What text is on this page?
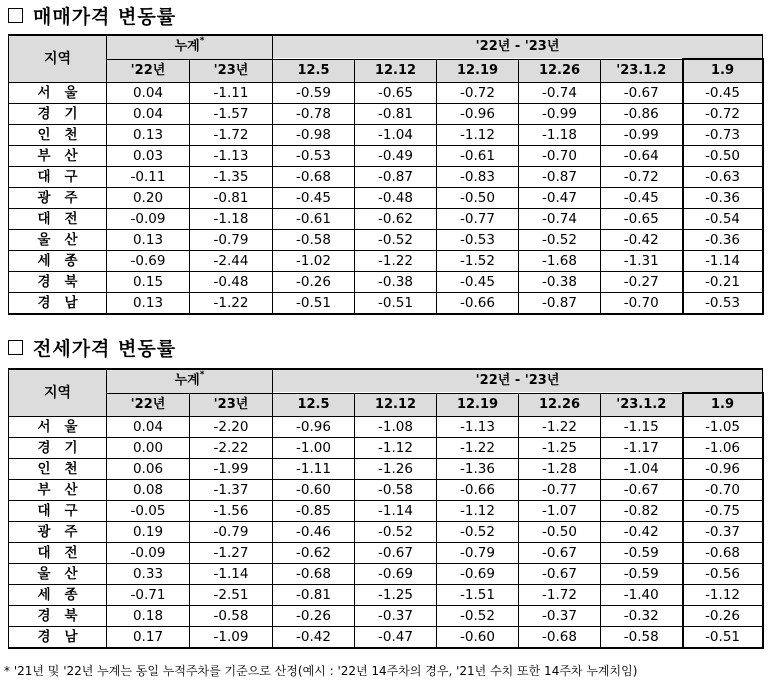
매매가격 변동률
지역	누계*		'22년 - '23년					
	'22년	'23년	12.5	12.12	12.19	12.26	'23.1.2	1.9
서울	0.04	-1.11	-0.59	-0.65	-0.72	-0.74	-0.67	-0.45
경기	0.04	-1.57	-0.78	-0.81	-0.96	-0.99	-0.86	-0.72
인천	0.13	-1.72	-0.98	-1.04	-1.12	-1.18	-0.99	-0.73
부산	0.03	-1.13	-0.53	-0.49	-0.61	-0.70	-0.64	-0.50
대구	-0.11	-1.35	-0.68	-0.87	-0.83	-0.87	-0.72	-0.63
광주	0.20	-0.81	-0.45	-0.48	-0.50	-0.47	-0.45	-0.36
대전	-0.09	-1.18	-0.61	-0.62	-0.77	-0.74	-0.65	-0.54
울산	0.13	-0.79	-0.58	-0.52	-0.53	-0.52	-0.42	-0.36
세종	-0.69	-2.44	-1.02	-1.22	-1.52	-1.68	-1.31	-1.14
경북	0.15	-0.48	-0.26	-0.38	-0.45	-0.38	-0.27	-0.21
경남	0.13	-1.22	-0.51	-0.51	-0.66	-0.87	-0.70	-0.53
전세가격 변동률
지역	누계*		'22년 - '23년					
	'22년	'23년	12.5	12.12	12.19	12.26	'23.1.2	1.9
서울	0.04	-2.20	-0.96	-1.08	-1.13	-1.22	-1.15	-1.05
경기	0.00	-2.22	-1.00	-1.12	-1.22	-1.25	-1.17	-1.06
인천	0.06	-1.99	-1.11	-1.26	-1.36	-1.28	-1.04	-0.96
부산	0.08	-1.37	-0.60	-0.58	-0.66	-0.77	-0.67	-0.70
대구	-0.05	-1.56	-0.85	-1.14	-1.12	-1.07	-0.82	-0.75
광주	0.19	-0.79	-0.46	-0.52	-0.52	-0.50	-0.42	-0.37
대전	-0.09	-1.27	-0.62	-0.67	-0.79	-0.67	-0.59	-0.68
울산	0.33	-1.14	-0.68	-0.69	-0.69	-0.67	-0.59	-0.56
세종	-0.71	-2.51	-0.81	-1.25	-1.51	-1.72	-1.40	-1.12
경북	0.18	-0.58	-0.26	-0.37	-0.52	-0.37	-0.32	-0.26
경남	0.17	-1.09	-0.42	-0.47	-0.60	-0.68	-0.58	-0.51
* '21년 및 '22년 누계는 동일 누적주차를 기준으로 산정(예시 : '22년 14주차의 경우, '21년 수치 또한 14주차 누계치임)
